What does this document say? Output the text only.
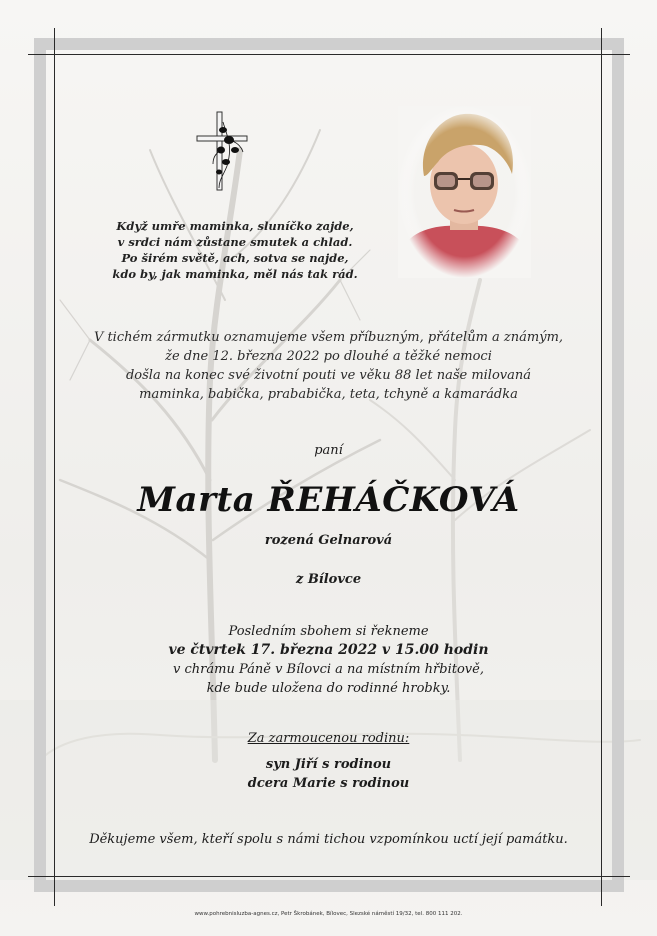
Když umře maminka, sluníčko zajde,
v srdci nám zůstane smutek a chlad.
Po širém světě, ach, sotva se najde,
kdo by, jak maminka, měl nás tak rád.
V tichém zármutku oznamujeme všem příbuzným, přátelům a známým,
že dne 12. března 2022 po dlouhé a těžké nemoci
došla na konec své životní pouti ve věku 88 let naše milovaná
maminka, babička, prababička, teta, tchyně a kamarádka
paní
Marta ŘEHÁČKOVÁ
rozená Gelnarová
z Bílovce
Posledním sbohem si řekneme
ve čtvrtek 17. března 2022 v 15.00 hodin
v chrámu Páně v Bílovci a na místním hřbitově,
kde bude uložena do rodinné hrobky.
Za zarmoucenou rodinu:
syn Jiří s rodinou
dcera Marie s rodinou
Děkujeme všem, kteří spolu s námi tichou vzpomínkou uctí její památku.
www.pohrebnisluzba-agnes.cz, Petr Škrobánek, Bílovec, Slezské náměstí 19/32, tel. 800 111 202.
